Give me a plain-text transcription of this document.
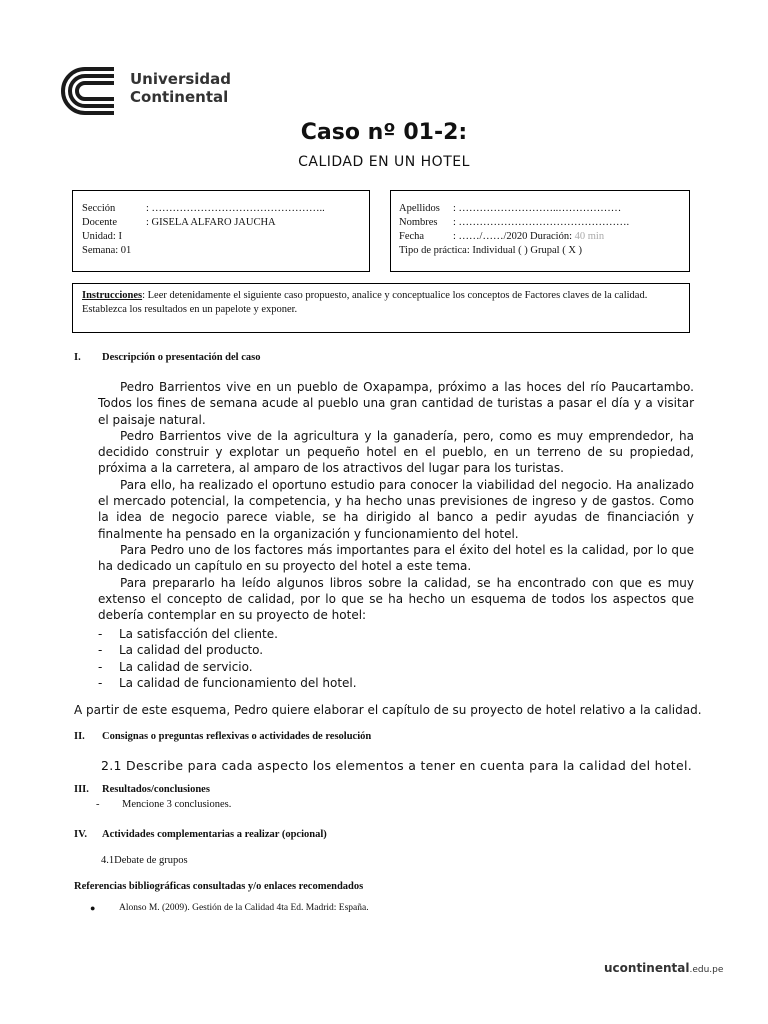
Universidad
Continental
Caso nº 01-2:
CALIDAD EN UN HOTEL
Sección	: …………………………………………..
Docente	: GISELA ALFARO JAUCHA
Unidad: I
Semana: 01
Apellidos : ………………………..………………
Nombres : ………………………………………….
Fecha	: ……/……/2020 Duración: 40 min
Tipo de práctica: Individual ( ) Grupal ( X )
Instrucciones: Leer detenidamente el siguiente caso propuesto, analice y conceptualice los conceptos de Factores claves de la calidad. Establezca los resultados en un papelote y exponer.
I. Descripción o presentación del caso

Pedro Barrientos vive en un pueblo de Oxapampa, próximo a las hoces del río Paucartambo. Todos los fines de semana acude al pueblo una gran cantidad de turistas a pasar el día y a visitar el paisaje natural.

Pedro Barrientos vive de la agricultura y la ganadería, pero, como es muy emprendedor, ha decidido construir y explotar un pequeño hotel en el pueblo, en un terreno de su propiedad, próxima a la carretera, al amparo de los atractivos del lugar para los turistas.

Para ello, ha realizado el oportuno estudio para conocer la viabilidad del negocio. Ha analizado el mercado potencial, la competencia, y ha hecho unas previsiones de ingreso y de gastos. Como la idea de negocio parece viable, se ha dirigido al banco a pedir ayudas de financiación y finalmente ha pensado en la organización y funcionamiento del hotel.

Para Pedro uno de los factores más importantes para el éxito del hotel es la calidad, por lo que ha dedicado un capítulo en su proyecto del hotel a este tema.

Para prepararlo ha leído algunos libros sobre la calidad, se ha encontrado con que es muy extenso el concepto de calidad, por lo que se ha hecho un esquema de todos los aspectos que debería contemplar en su proyecto de hotel:

- La satisfacción del cliente.
- La calidad del producto.
- La calidad de servicio.
- La calidad de funcionamiento del hotel.
A partir de este esquema, Pedro quiere elaborar el capítulo de su proyecto de hotel relativo a la calidad.
II. Consignas o preguntas reflexivas o actividades de resolución
2.1 Describe para cada aspecto los elementos a tener en cuenta para la calidad del hotel.
III. Resultados/conclusiones
- Mencione 3 conclusiones.
IV. Actividades complementarias a realizar (opcional)
4.1Debate de grupos
Referencias bibliográficas consultadas y/o enlaces recomendados
● Alonso M. (2009). Gestión de la Calidad 4ta Ed. Madrid: España.
ucontinental.edu.pe
